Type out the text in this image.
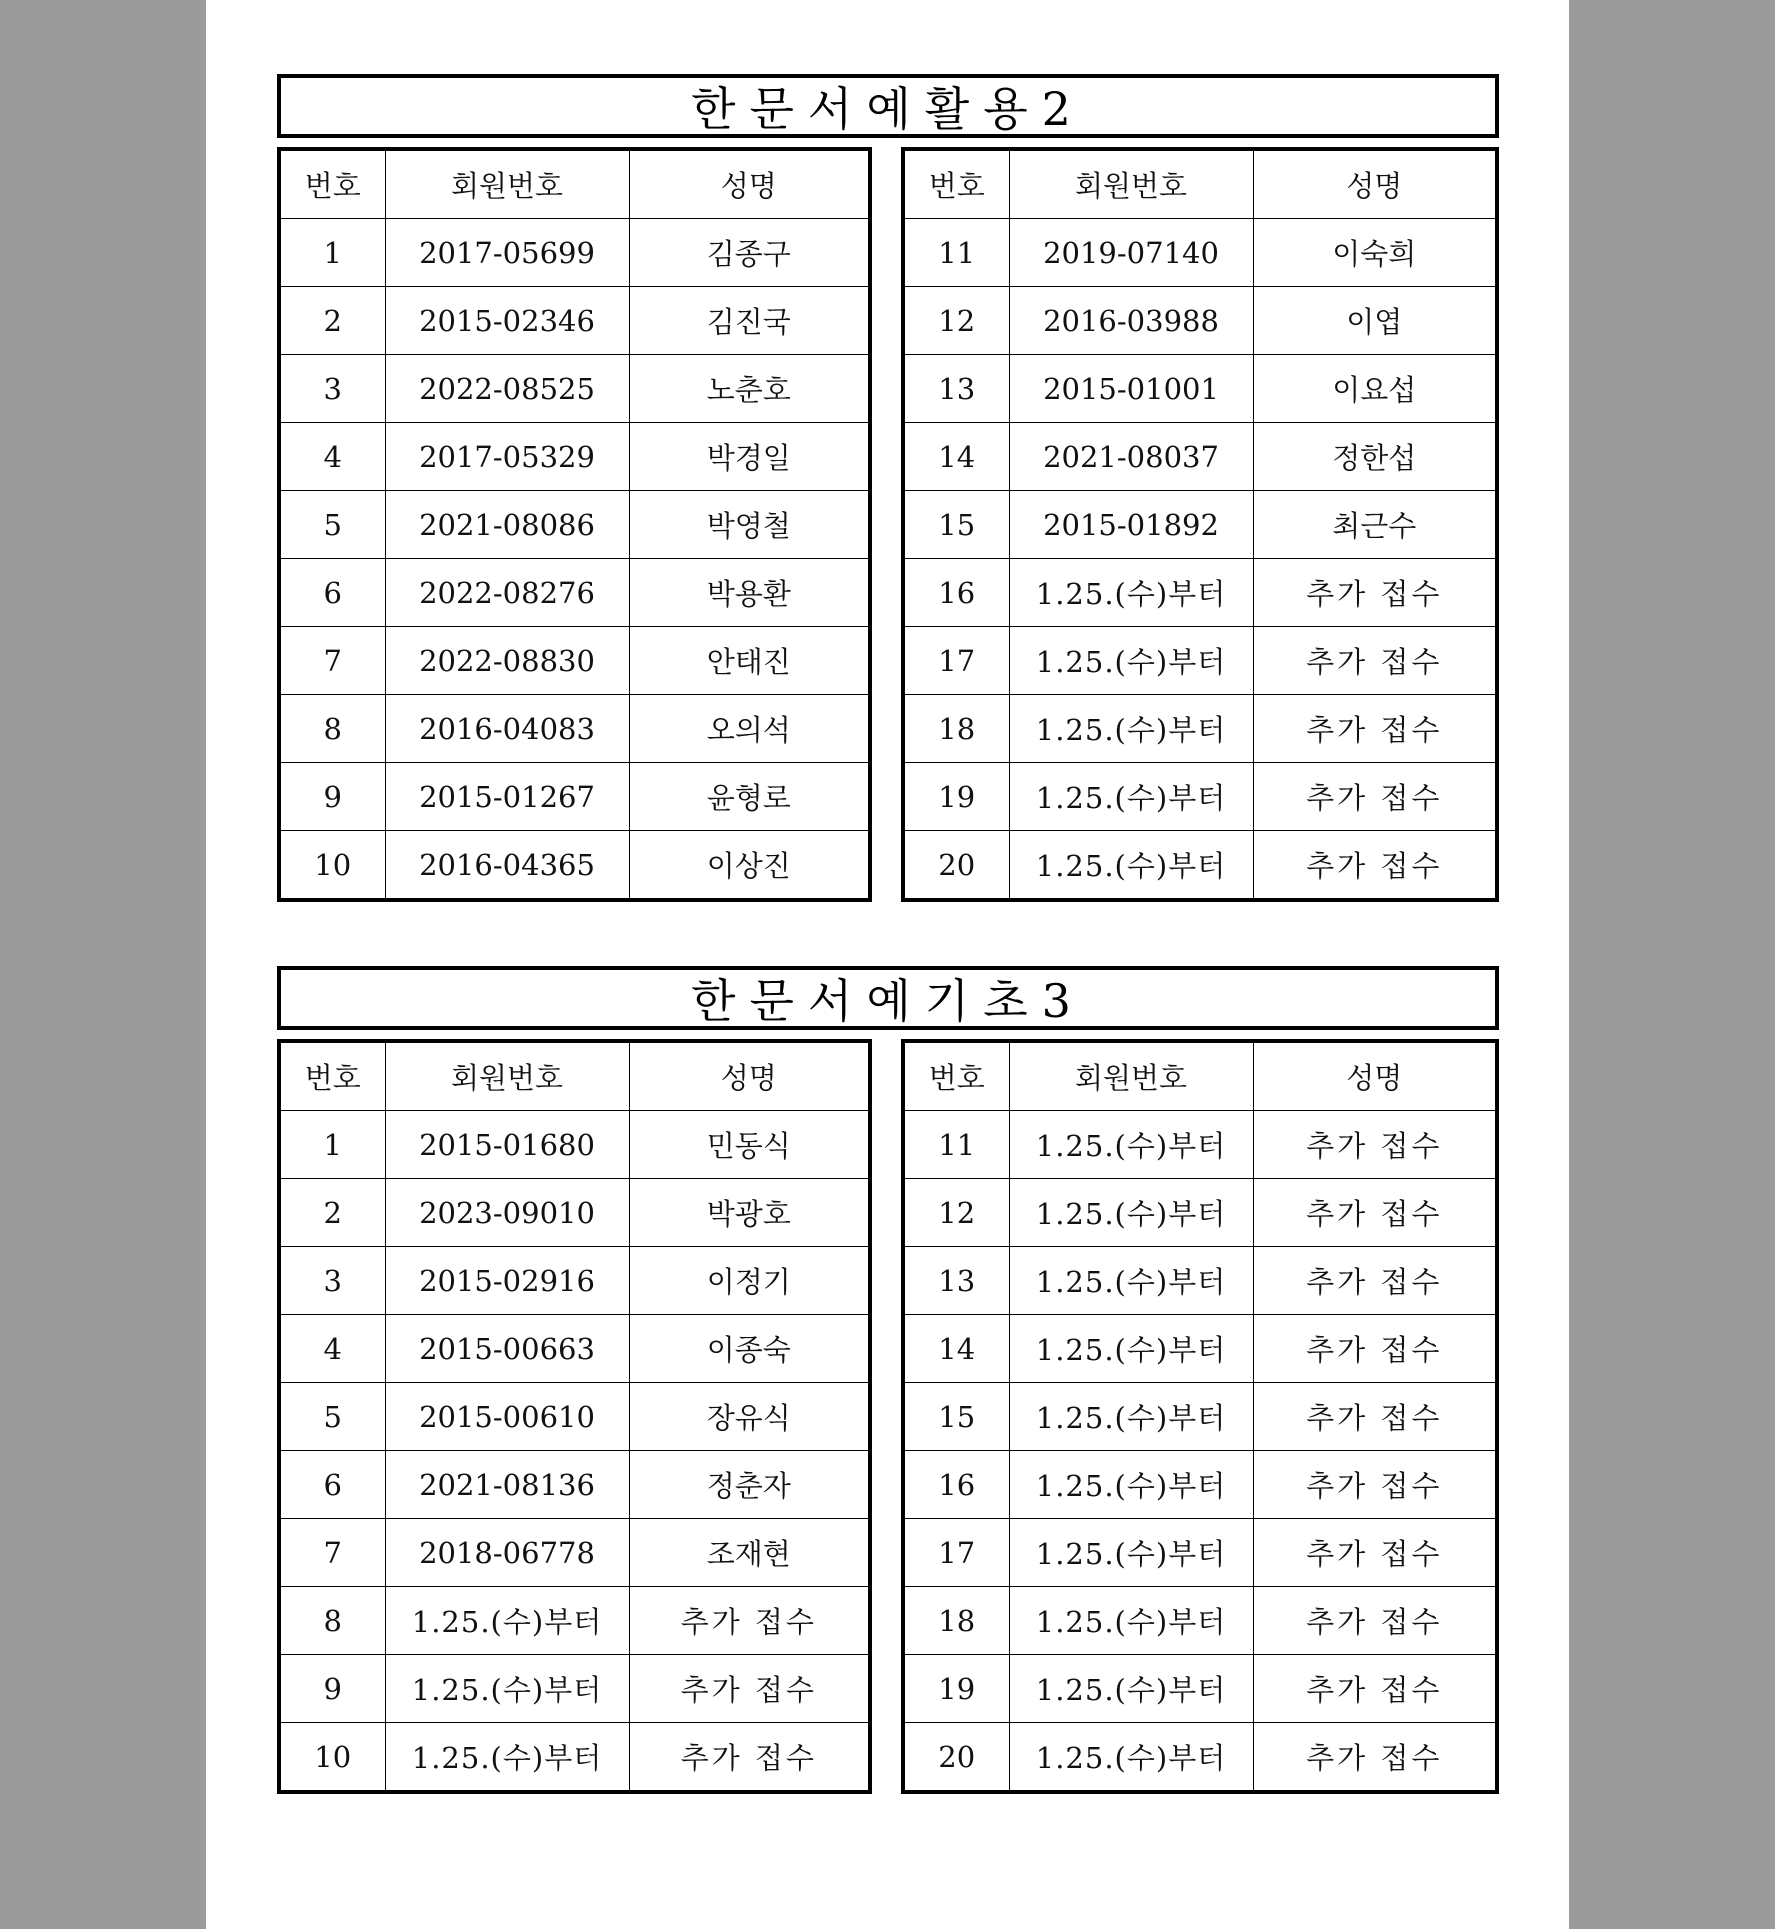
한문서예활용2
번호	회원번호	성명
1	2017-05699	김종구
2	2015-02346	김진국
3	2022-08525	노춘호
4	2017-05329	박경일
5	2021-08086	박영철
6	2022-08276	박용환
7	2022-08830	안태진
8	2016-04083	오의석
9	2015-01267	윤형로
10	2016-04365	이상진
번호	회원번호	성명
11	2019-07140	이숙희
12	2016-03988	이엽
13	2015-01001	이요섭
14	2021-08037	정한섭
15	2015-01892	최근수
16	1.25.(수)부터	추가 접수
17	1.25.(수)부터	추가 접수
18	1.25.(수)부터	추가 접수
19	1.25.(수)부터	추가 접수
20	1.25.(수)부터	추가 접수
한문서예기초3
번호	회원번호	성명
1	2015-01680	민동식
2	2023-09010	박광호
3	2015-02916	이정기
4	2015-00663	이종숙
5	2015-00610	장유식
6	2021-08136	정춘자
7	2018-06778	조재현
8	1.25.(수)부터	추가 접수
9	1.25.(수)부터	추가 접수
10	1.25.(수)부터	추가 접수
번호	회원번호	성명
11	1.25.(수)부터	추가 접수
12	1.25.(수)부터	추가 접수
13	1.25.(수)부터	추가 접수
14	1.25.(수)부터	추가 접수
15	1.25.(수)부터	추가 접수
16	1.25.(수)부터	추가 접수
17	1.25.(수)부터	추가 접수
18	1.25.(수)부터	추가 접수
19	1.25.(수)부터	추가 접수
20	1.25.(수)부터	추가 접수
